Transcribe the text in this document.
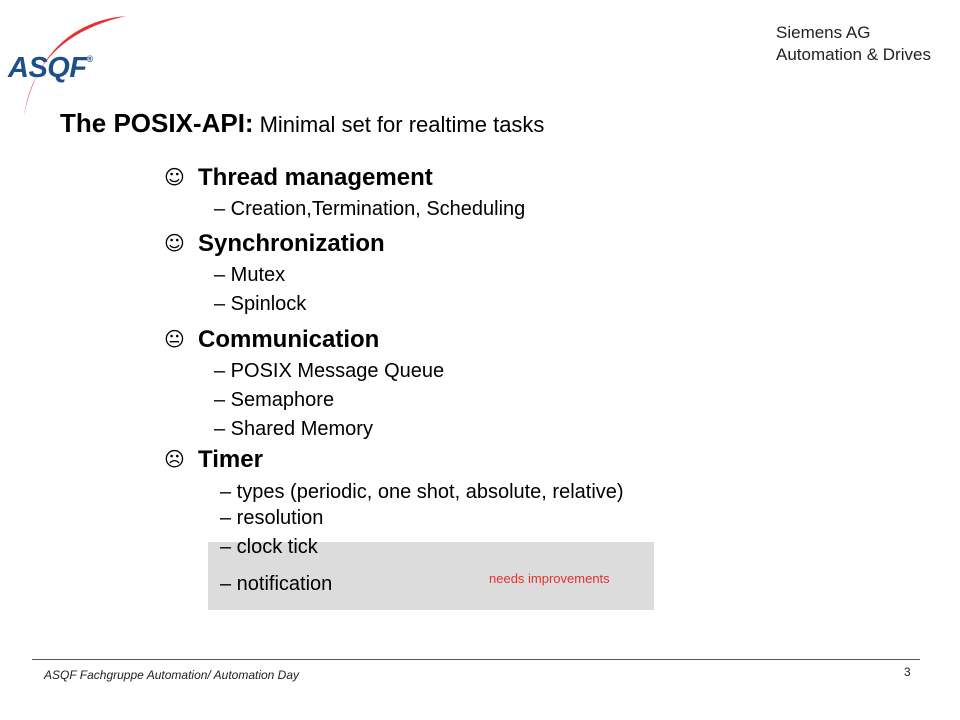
ASQF®
Siemens AG
Automation & Drives
The POSIX-API: Minimal set for realtime tasks
needs improvements
☺ Thread management
– Creation,Termination, Scheduling
☺ Synchronization
– Mutex
– Spinlock
😐 Communication
– POSIX Message Queue
– Semaphore
– Shared Memory
☹ Timer
– types (periodic, one shot, absolute, relative)
– resolution
– clock tick
– notification
ASQF Fachgruppe Automation/ Automation Day	3
